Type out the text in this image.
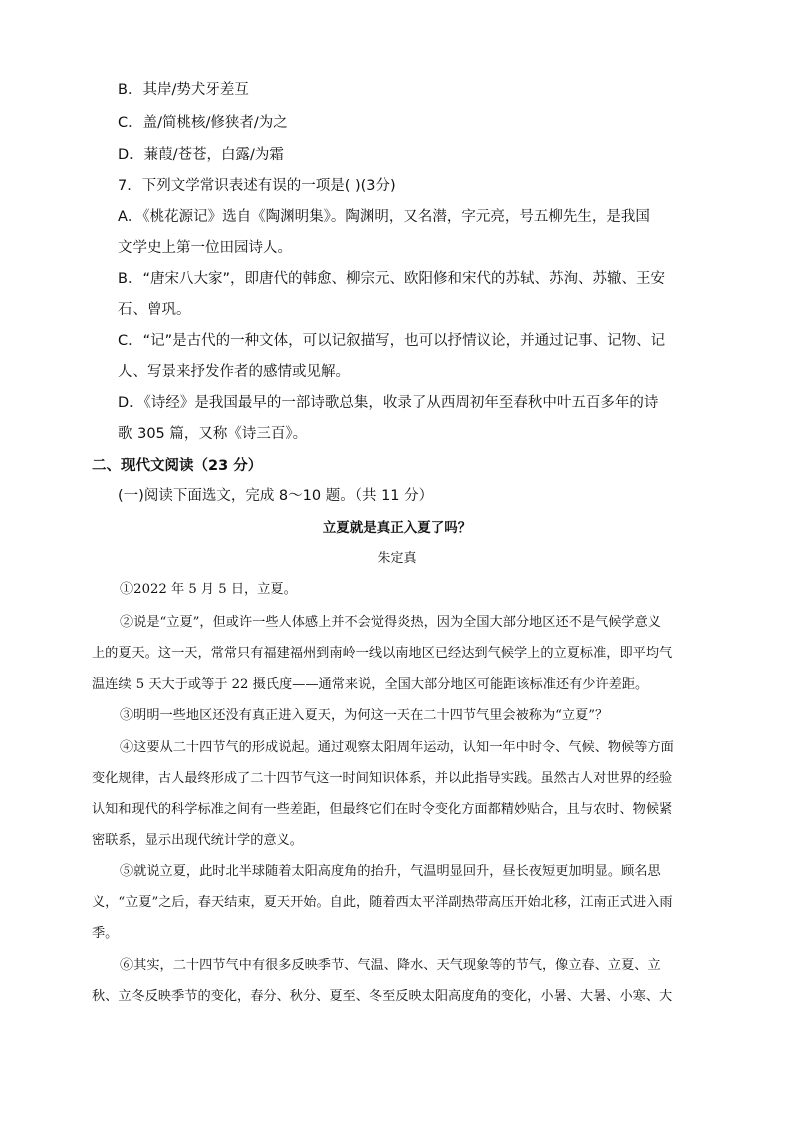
B．其岸/势犬牙差互
C．盖/简桃核/修狭者/为之
D．蒹葭/苍苍，白露/为霜
7．下列文学常识表述有误的一项是( )(3分)
A．《桃花源记》选自《陶渊明集》。陶渊明，又名潜，字元亮，号五柳先生，是我国
文学史上第一位田园诗人。
B．“唐宋八大家”，即唐代的韩愈、柳宗元、欧阳修和宋代的苏轼、苏洵、苏辙、王安
石、曾巩。
C．“记”是古代的一种文体，可以记叙描写，也可以抒情议论，并通过记事、记物、记
人、写景来抒发作者的感情或见解。
D．《诗经》是我国最早的一部诗歌总集，收录了从西周初年至春秋中叶五百多年的诗
歌 305 篇，又称《诗三百》。
二、现代文阅读（23 分）
(一)阅读下面选文，完成 8～10 题。（共 11 分）
立夏就是真正入夏了吗？
朱定真
①2022 年 5 月 5 日，立夏。
②说是“立夏”，但或许一些人体感上并不会觉得炎热，因为全国大部分地区还不是气候学意义
上的夏天。这一天，常常只有福建福州到南岭一线以南地区已经达到气候学上的立夏标准，即平均气
温连续 5 天大于或等于 22 摄氏度——通常来说，全国大部分地区可能距该标准还有少许差距。
③明明一些地区还没有真正进入夏天，为何这一天在二十四节气里会被称为“立夏”？
④这要从二十四节气的形成说起。通过观察太阳周年运动，认知一年中时令、气候、物候等方面
变化规律，古人最终形成了二十四节气这一时间知识体系，并以此指导实践。虽然古人对世界的经验
认知和现代的科学标准之间有一些差距，但最终它们在时令变化方面都精妙贴合，且与农时、物候紧
密联系，显示出现代统计学的意义。
⑤就说立夏，此时北半球随着太阳高度角的抬升，气温明显回升，昼长夜短更加明显。顾名思
义，“立夏”之后，春天结束，夏天开始。自此，随着西太平洋副热带高压开始北移，江南正式进入雨
季。
⑥其实，二十四节气中有很多反映季节、气温、降水、天气现象等的节气，像立春、立夏、立
秋、立冬反映季节的变化，春分、秋分、夏至、冬至反映太阳高度角的变化，小暑、大暑、小寒、大
